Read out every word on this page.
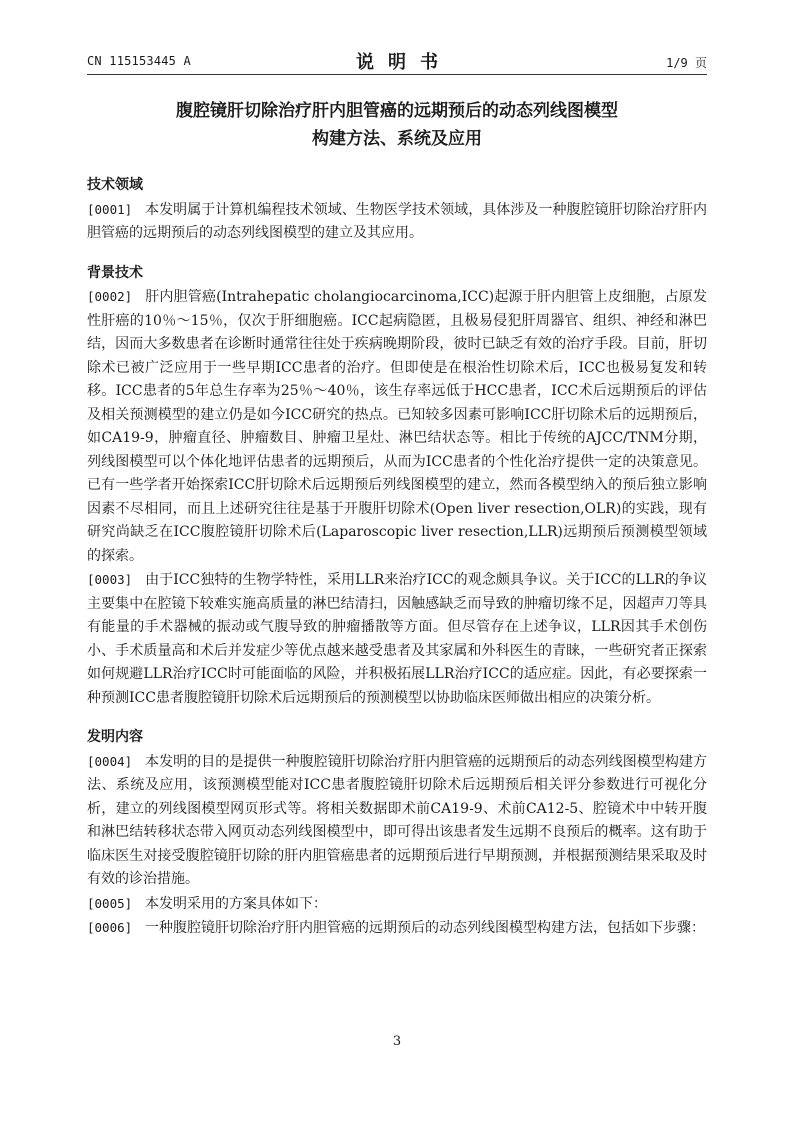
CN 115153445 A	说明书	1/9 页
腹腔镜肝切除治疗肝内胆管癌的远期预后的动态列线图模型
构建方法、系统及应用
技术领域

[0001] 本发明属于计算机编程技术领域、生物医学技术领域，具体涉及一种腹腔镜肝切除治疗肝内胆管癌的远期预后的动态列线图模型的建立及其应用。

背景技术

[0002] 肝内胆管癌(Intrahepatic cholangiocarcinoma,ICC)起源于肝内胆管上皮细胞，占原发性肝癌的10％～15％，仅次于肝细胞癌。ICC起病隐匿，且极易侵犯肝周器官、组织、神经和淋巴结，因而大多数患者在诊断时通常往往处于疾病晚期阶段，彼时已缺乏有效的治疗手段。目前，肝切除术已被广泛应用于一些早期ICC患者的治疗。但即使是在根治性切除术后，ICC也极易复发和转移。ICC患者的5年总生存率为25％～40％，该生存率远低于HCC患者，ICC术后远期预后的评估及相关预测模型的建立仍是如今ICC研究的热点。已知较多因素可影响ICC肝切除术后的远期预后，如CA19-9，肿瘤直径、肿瘤数目、肿瘤卫星灶、淋巴结状态等。相比于传统的AJCC/TNM分期，列线图模型可以个体化地评估患者的远期预后，从而为ICC患者的个性化治疗提供一定的决策意见。已有一些学者开始探索ICC肝切除术后远期预后列线图模型的建立，然而各模型纳入的预后独立影响因素不尽相同，而且上述研究往往是基于开腹肝切除术(Open liver resection,OLR)的实践，现有研究尚缺乏在ICC腹腔镜肝切除术后(Laparoscopic liver resection,LLR)远期预后预测模型领域的探索。

[0003] 由于ICC独特的生物学特性，采用LLR来治疗ICC的观念颇具争议。关于ICC的LLR的争议主要集中在腔镜下较难实施高质量的淋巴结清扫，因触感缺乏而导致的肿瘤切缘不足，因超声刀等具有能量的手术器械的振动或气腹导致的肿瘤播散等方面。但尽管存在上述争议，LLR因其手术创伤小、手术质量高和术后并发症少等优点越来越受患者及其家属和外科医生的青睐，一些研究者正探索如何规避LLR治疗ICC时可能面临的风险，并积极拓展LLR治疗ICC的适应症。因此，有必要探索一种预测ICC患者腹腔镜肝切除术后远期预后的预测模型以协助临床医师做出相应的决策分析。

发明内容

[0004] 本发明的目的是提供一种腹腔镜肝切除治疗肝内胆管癌的远期预后的动态列线图模型构建方法、系统及应用，该预测模型能对ICC患者腹腔镜肝切除术后远期预后相关评分参数进行可视化分析，建立的列线图模型网页形式等。将相关数据即术前CA19-9、术前CA12-5、腔镜术中中转开腹和淋巴结转移状态带入网页动态列线图模型中，即可得出该患者发生远期不良预后的概率。这有助于临床医生对接受腹腔镜肝切除的肝内胆管癌患者的远期预后进行早期预测，并根据预测结果采取及时有效的诊治措施。

[0005] 本发明采用的方案具体如下：

[0006] 一种腹腔镜肝切除治疗肝内胆管癌的远期预后的动态列线图模型构建方法，包括如下步骤：

3
